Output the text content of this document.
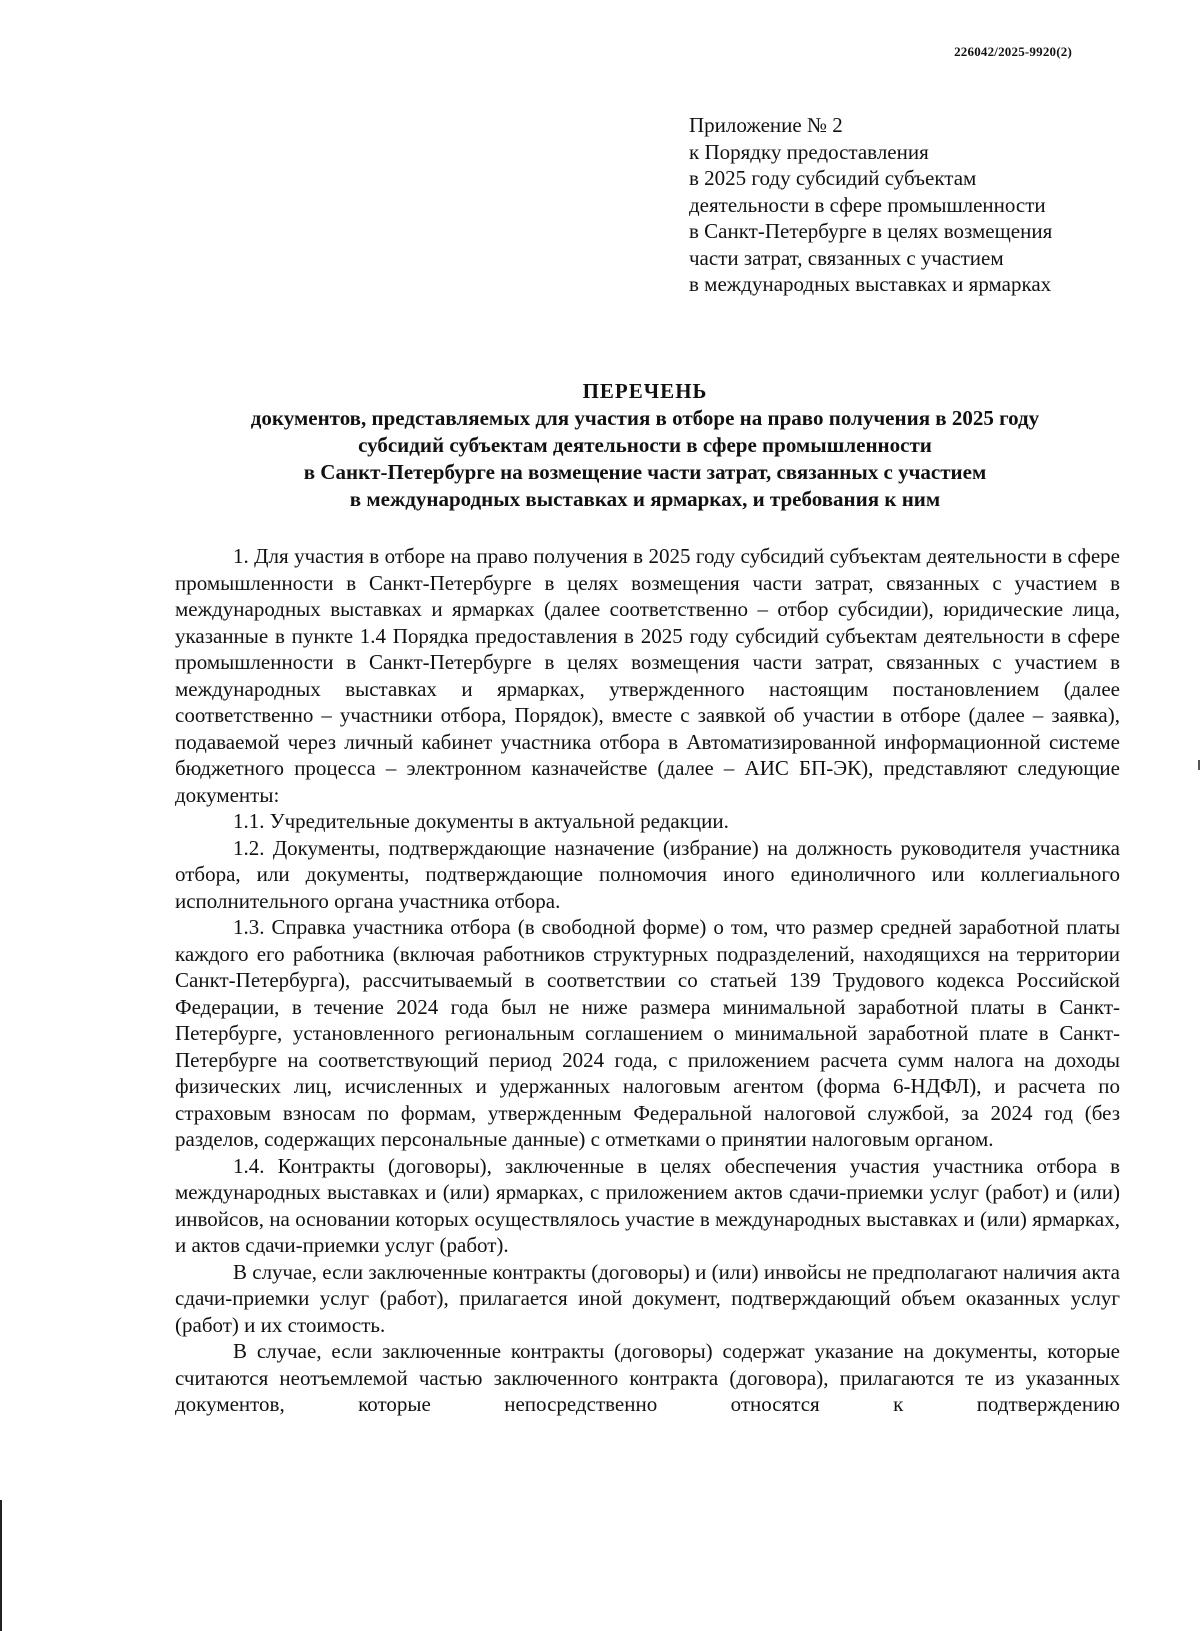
226042/2025-9920(2)
Приложение № 2
к Порядку предоставления
в 2025 году субсидий субъектам
деятельности в сфере промышленности
в Санкт-Петербурге в целях возмещения
части затрат, связанных с участием
в международных выставках и ярмарках
ПЕРЕЧЕНЬ
документов, представляемых для участия в отборе на право получения в 2025 году
субсидий субъектам деятельности в сфере промышленности
в Санкт-Петербурге на возмещение части затрат, связанных с участием
в международных выставках и ярмарках, и требования к ним

1. Для участия в отборе на право получения в 2025 году субсидий субъектам деятельности в сфере промышленности в Санкт-Петербурге в целях возмещения части затрат, связанных с участием в международных выставках и ярмарках (далее соответственно – отбор субсидии), юридические лица, указанные в пункте 1.4 Порядка предоставления в 2025 году субсидий субъектам деятельности в сфере промышленности в Санкт-Петербурге в целях возмещения части затрат, связанных с участием в международных выставках и ярмарках, утвержденного настоящим постановлением (далее соответственно – участники отбора, Порядок), вместе с заявкой об участии в отборе (далее – заявка), подаваемой через личный кабинет участника отбора в Автоматизированной информационной системе бюджетного процесса – электронном казначействе (далее – АИС БП-ЭК), представляют следующие документы:

1.1. Учредительные документы в актуальной редакции.

1.2. Документы, подтверждающие назначение (избрание) на должность руководителя участника отбора, или документы, подтверждающие полномочия иного единоличного или коллегиального исполнительного органа участника отбора.

1.3. Справка участника отбора (в свободной форме) о том, что размер средней заработной платы каждого его работника (включая работников структурных подразделений, находящихся на территории Санкт-Петербурга), рассчитываемый в соответствии со статьей 139 Трудового кодекса Российской Федерации, в течение 2024 года был не ниже размера минимальной заработной платы в Санкт-Петербурге, установленного региональным соглашением о минимальной заработной плате в Санкт-Петербурге на соответствующий период 2024 года, с приложением расчета сумм налога на доходы физических лиц, исчисленных и удержанных налоговым агентом (форма 6-НДФЛ), и расчета по страховым взносам по формам, утвержденным Федеральной налоговой службой, за 2024 год (без разделов, содержащих персональные данные) с отметками о принятии налоговым органом.

1.4. Контракты (договоры), заключенные в целях обеспечения участия участника отбора в международных выставках и (или) ярмарках, с приложением актов сдачи-приемки услуг (работ) и (или) инвойсов, на основании которых осуществлялось участие в международных выставках и (или) ярмарках, и актов сдачи-приемки услуг (работ).

В случае, если заключенные контракты (договоры) и (или) инвойсы не предполагают наличия акта сдачи-приемки услуг (работ), прилагается иной документ, подтверждающий объем оказанных услуг (работ) и их стоимость.

В случае, если заключенные контракты (договоры) содержат указание на документы, которые считаются неотъемлемой частью заключенного контракта (договора), прилагаются те из указанных документов, которые непосредственно относятся к подтверждению
